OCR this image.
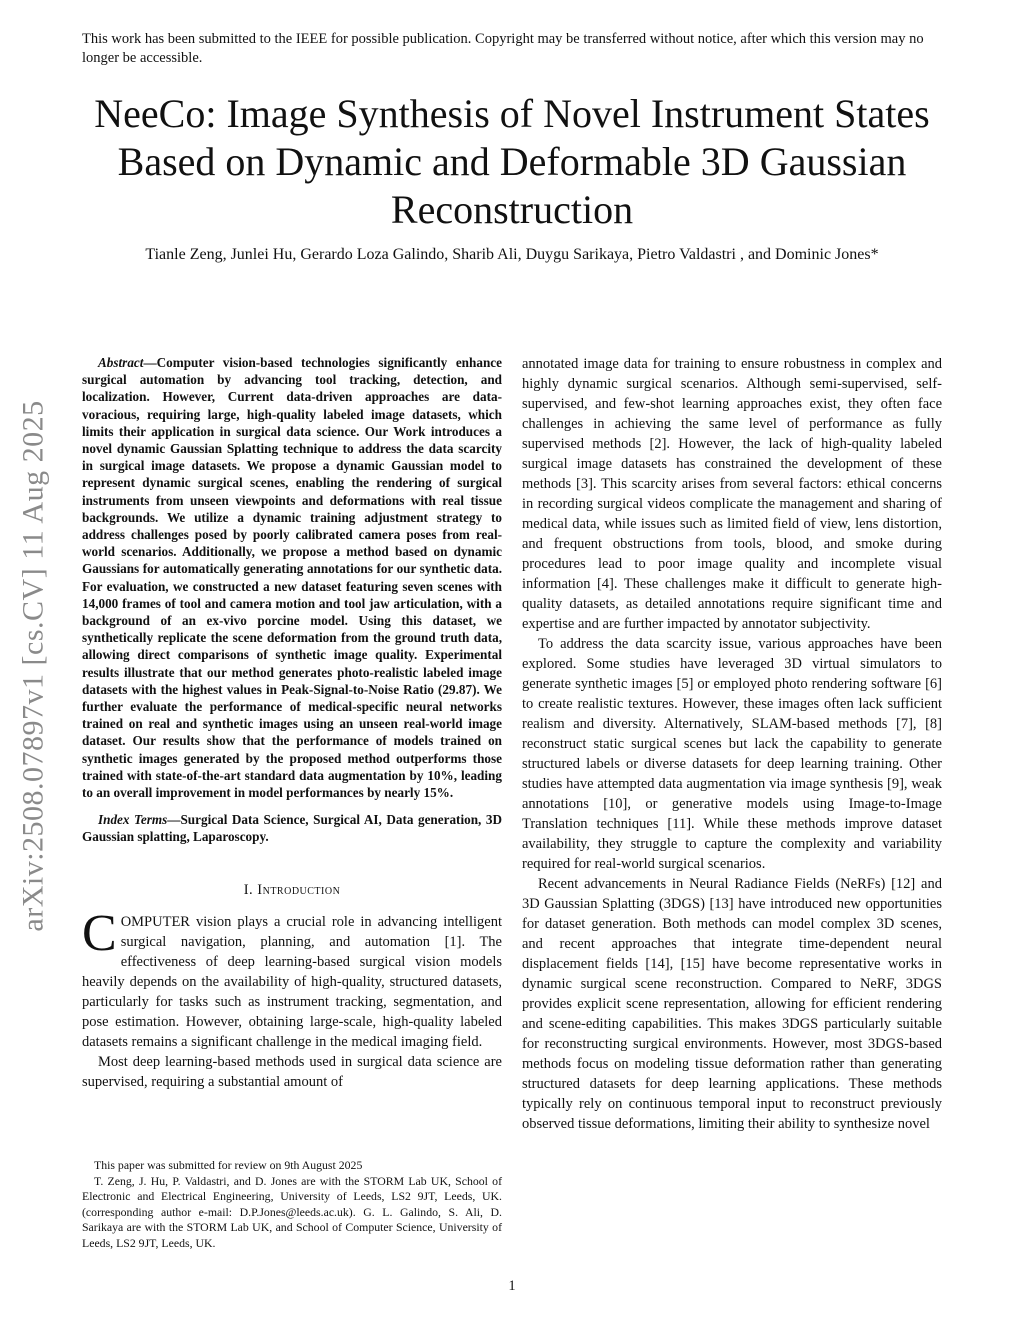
This work has been submitted to the IEEE for possible publication. Copyright may be transferred without notice, after which this version may no longer be accessible.
NeeCo: Image Synthesis of Novel Instrument States Based on Dynamic and Deformable 3D Gaussian Reconstruction
Tianle Zeng, Junlei Hu, Gerardo Loza Galindo, Sharib Ali, Duygu Sarikaya, Pietro Valdastri , and Dominic Jones*
arXiv:2508.07897v1 [cs.CV] 11 Aug 2025

Abstract—Computer vision-based technologies significantly enhance surgical automation by advancing tool tracking, detection, and localization. However, Current data-driven approaches are data-voracious, requiring large, high-quality labeled image datasets, which limits their application in surgical data science. Our Work introduces a novel dynamic Gaussian Splatting technique to address the data scarcity in surgical image datasets. We propose a dynamic Gaussian model to represent dynamic surgical scenes, enabling the rendering of surgical instruments from unseen viewpoints and deformations with real tissue backgrounds. We utilize a dynamic training adjustment strategy to address challenges posed by poorly calibrated camera poses from real-world scenarios. Additionally, we propose a method based on dynamic Gaussians for automatically generating annotations for our synthetic data. For evaluation, we constructed a new dataset featuring seven scenes with 14,000 frames of tool and camera motion and tool jaw articulation, with a background of an ex-vivo porcine model. Using this dataset, we synthetically replicate the scene deformation from the ground truth data, allowing direct comparisons of synthetic image quality. Experimental results illustrate that our method generates photo-realistic labeled image datasets with the highest values in Peak-Signal-to-Noise Ratio (29.87). We further evaluate the performance of medical-specific neural networks trained on real and synthetic images using an unseen real-world image dataset. Our results show that the performance of models trained on synthetic images generated by the proposed method outperforms those trained with state-of-the-art standard data augmentation by 10%, leading to an overall improvement in model performances by nearly 15%.

Index Terms—Surgical Data Science, Surgical AI, Data generation, 3D Gaussian splatting, Laparoscopy.

I. Introduction

COMPUTER vision plays a crucial role in advancing intelligent surgical navigation, planning, and automation [1]. The effectiveness of deep learning-based surgical vision models heavily depends on the availability of high-quality, structured datasets, particularly for tasks such as instrument tracking, segmentation, and pose estimation. However, obtaining large-scale, high-quality labeled datasets remains a significant challenge in the medical imaging field.

Most deep learning-based methods used in surgical data science are supervised, requiring a substantial amount of

annotated image data for training to ensure robustness in complex and highly dynamic surgical scenarios. Although semi-supervised, self-supervised, and few-shot learning approaches exist, they often face challenges in achieving the same level of performance as fully supervised methods [2]. However, the lack of high-quality labeled surgical image datasets has constrained the development of these methods [3]. This scarcity arises from several factors: ethical concerns in recording surgical videos complicate the management and sharing of medical data, while issues such as limited field of view, lens distortion, and frequent obstructions from tools, blood, and smoke during procedures lead to poor image quality and incomplete visual information [4]. These challenges make it difficult to generate high-quality datasets, as detailed annotations require significant time and expertise and are further impacted by annotator subjectivity.

To address the data scarcity issue, various approaches have been explored. Some studies have leveraged 3D virtual simulators to generate synthetic images [5] or employed photo rendering software [6] to create realistic textures. However, these images often lack sufficient realism and diversity. Alternatively, SLAM-based methods [7], [8] reconstruct static surgical scenes but lack the capability to generate structured labels or diverse datasets for deep learning training. Other studies have attempted data augmentation via image synthesis [9], weak annotations [10], or generative models using Image-to-Image Translation techniques [11]. While these methods improve dataset availability, they struggle to capture the complexity and variability required for real-world surgical scenarios.

Recent advancements in Neural Radiance Fields (NeRFs) [12] and 3D Gaussian Splatting (3DGS) [13] have introduced new opportunities for dataset generation. Both methods can model complex 3D scenes, and recent approaches that integrate time-dependent neural displacement fields [14], [15] have become representative works in dynamic surgical scene reconstruction. Compared to NeRF, 3DGS provides explicit scene representation, allowing for efficient rendering and scene-editing capabilities. This makes 3DGS particularly suitable for reconstructing surgical environments. However, most 3DGS-based methods focus on modeling tissue deformation rather than generating structured datasets for deep learning applications. These methods typically rely on continuous temporal input to reconstruct previously observed tissue deformations, limiting their ability to synthesize novel

This paper was submitted for review on 9th August 2025

T. Zeng, J. Hu, P. Valdastri, and D. Jones are with the STORM Lab UK, School of Electronic and Electrical Engineering, University of Leeds, LS2 9JT, Leeds, UK. (corresponding author e-mail: D.P.Jones@leeds.ac.uk). G. L. Galindo, S. Ali, D. Sarikaya are with the STORM Lab UK, and School of Computer Science, University of Leeds, LS2 9JT, Leeds, UK.

1
